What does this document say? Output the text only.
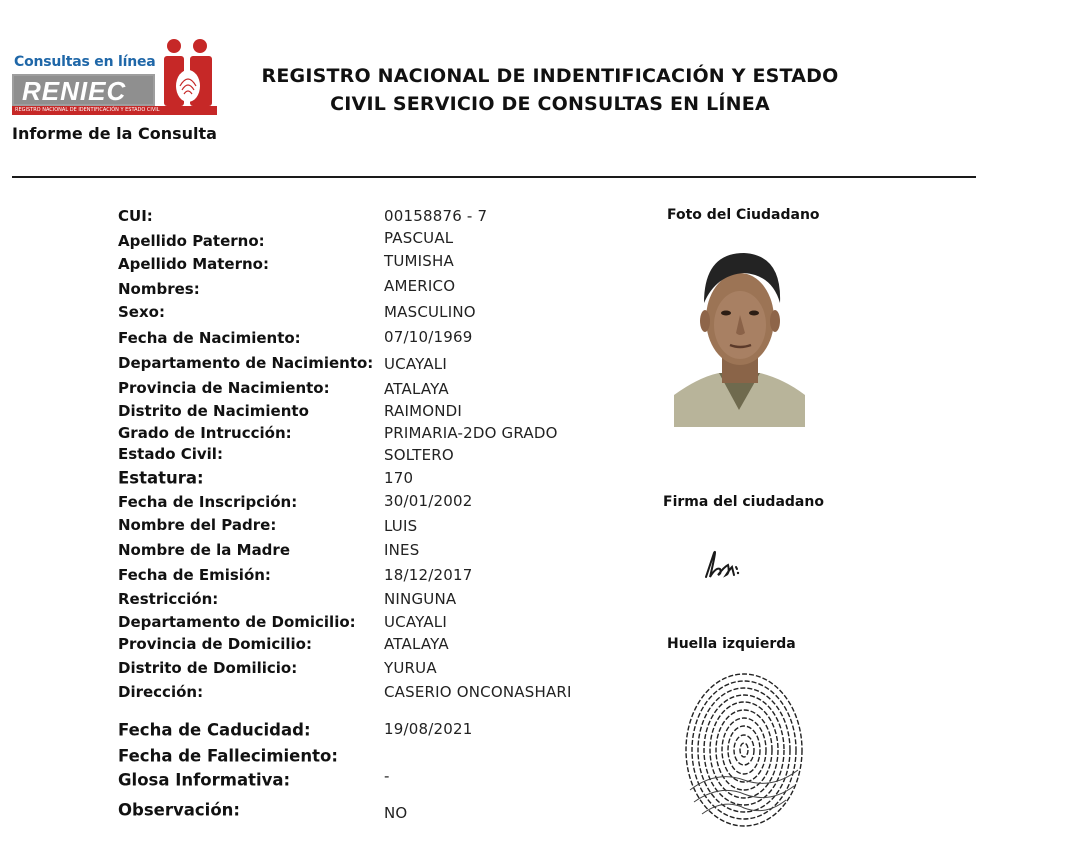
Consultas en línea
RENIEC
REGISTRO NACIONAL DE IDENTIFICACIÓN Y ESTADO CIVIL
Informe de la Consulta
REGISTRO NACIONAL DE INDENTIFICACIÓN Y ESTADO
CIVIL SERVICIO DE CONSULTAS EN LÍNEA
CUI:	00158876 - 7
Apellido Paterno:	PASCUAL
Apellido Materno:	TUMISHA
Nombres:	AMERICO
Sexo:	MASCULINO
Fecha de Nacimiento:	07/10/1969
Departamento de Nacimiento: UCAYALI
Provincia de Nacimiento:	ATALAYA
Distrito de Nacimiento	RAIMONDI
Grado de Intrucción:	PRIMARIA-2DO GRADO
Estado Civil:	SOLTERO
Estatura:	170
Fecha de Inscripción:	30/01/2002
Nombre del Padre:	LUIS
Nombre de la Madre	INES
Fecha de Emisión:	18/12/2017
Restricción:	NINGUNA
Departamento de Domicilio: UCAYALI
Provincia de Domicilio:	ATALAYA
Distrito de Domilicio:	YURUA
Dirección:	CASERIO ONCONASHARI
Fecha de Caducidad:	19/08/2021
Fecha de Fallecimiento:
Glosa Informativa:	-
Observación:	NO
Foto del Ciudadano
Firma del ciudadano
Huella izquierda
